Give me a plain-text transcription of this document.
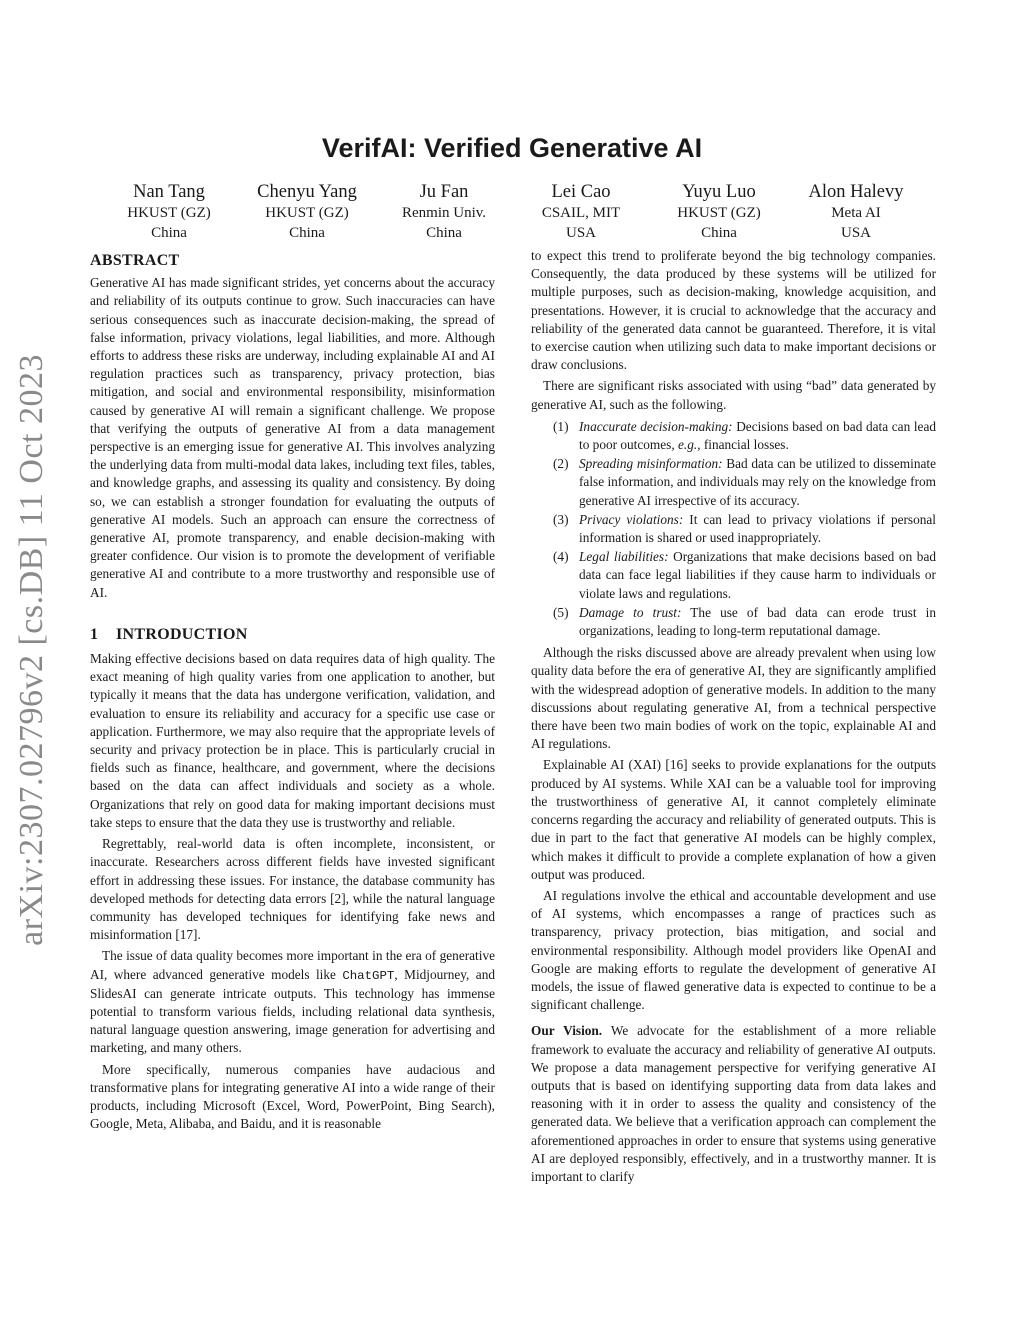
arXiv:2307.02796v2 [cs.DB] 11 Oct 2023
VerifAI: Verified Generative AI
Nan Tang
HKUST (GZ)
China
Chenyu Yang
HKUST (GZ)
China
Ju Fan
Renmin Univ.
China
Lei Cao
CSAIL, MIT
USA
Yuyu Luo
HKUST (GZ)
China
Alon Halevy
Meta AI
USA
ABSTRACT

Generative AI has made significant strides, yet concerns about the accuracy and reliability of its outputs continue to grow. Such inaccuracies can have serious consequences such as inaccurate decision-making, the spread of false information, privacy violations, legal liabilities, and more. Although efforts to address these risks are underway, including explainable AI and AI regulation practices such as transparency, privacy protection, bias mitigation, and social and environmental responsibility, misinformation caused by generative AI will remain a significant challenge. We propose that verifying the outputs of generative AI from a data management perspective is an emerging issue for generative AI. This involves analyzing the underlying data from multi-modal data lakes, including text files, tables, and knowledge graphs, and assessing its quality and consistency. By doing so, we can establish a stronger foundation for evaluating the outputs of generative AI models. Such an approach can ensure the correctness of generative AI, promote transparency, and enable decision-making with greater confidence. Our vision is to promote the development of verifiable generative AI and contribute to a more trustworthy and responsible use of AI.

1 INTRODUCTION

Making effective decisions based on data requires data of high quality. The exact meaning of high quality varies from one application to another, but typically it means that the data has undergone verification, validation, and evaluation to ensure its reliability and accuracy for a specific use case or application. Furthermore, we may also require that the appropriate levels of security and privacy protection be in place. This is particularly crucial in fields such as finance, healthcare, and government, where the decisions based on the data can affect individuals and society as a whole. Organizations that rely on good data for making important decisions must take steps to ensure that the data they use is trustworthy and reliable.

Regrettably, real-world data is often incomplete, inconsistent, or inaccurate. Researchers across different fields have invested significant effort in addressing these issues. For instance, the database community has developed methods for detecting data errors [2], while the natural language community has developed techniques for identifying fake news and misinformation [17].

The issue of data quality becomes more important in the era of generative AI, where advanced generative models like ChatGPT, Midjourney, and SlidesAI can generate intricate outputs. This technology has immense potential to transform various fields, including relational data synthesis, natural language question answering, image generation for advertising and marketing, and many others.

More specifically, numerous companies have audacious and transformative plans for integrating generative AI into a wide range of their products, including Microsoft (Excel, Word, PowerPoint, Bing Search), Google, Meta, Alibaba, and Baidu, and it is reasonable

to expect this trend to proliferate beyond the big technology companies. Consequently, the data produced by these systems will be utilized for multiple purposes, such as decision-making, knowledge acquisition, and presentations. However, it is crucial to acknowledge that the accuracy and reliability of the generated data cannot be guaranteed. Therefore, it is vital to exercise caution when utilizing such data to make important decisions or draw conclusions.

There are significant risks associated with using “bad” data generated by generative AI, such as the following.

(1) Inaccurate decision-making: Decisions based on bad data can lead to poor outcomes, e.g., financial losses.
(2) Spreading misinformation: Bad data can be utilized to disseminate false information, and individuals may rely on the knowledge from generative AI irrespective of its accuracy.
(3) Privacy violations: It can lead to privacy violations if personal information is shared or used inappropriately.
(4) Legal liabilities: Organizations that make decisions based on bad data can face legal liabilities if they cause harm to individuals or violate laws and regulations.
(5) Damage to trust: The use of bad data can erode trust in organizations, leading to long-term reputational damage.

Although the risks discussed above are already prevalent when using low quality data before the era of generative AI, they are significantly amplified with the widespread adoption of generative models. In addition to the many discussions about regulating generative AI, from a technical perspective there have been two main bodies of work on the topic, explainable AI and AI regulations.

Explainable AI (XAI) [16] seeks to provide explanations for the outputs produced by AI systems. While XAI can be a valuable tool for improving the trustworthiness of generative AI, it cannot completely eliminate concerns regarding the accuracy and reliability of generated outputs. This is due in part to the fact that generative AI models can be highly complex, which makes it difficult to provide a complete explanation of how a given output was produced.

AI regulations involve the ethical and accountable development and use of AI systems, which encompasses a range of practices such as transparency, privacy protection, bias mitigation, and social and environmental responsibility. Although model providers like OpenAI and Google are making efforts to regulate the development of generative AI models, the issue of flawed generative data is expected to continue to be a significant challenge.

Our Vision. We advocate for the establishment of a more reliable framework to evaluate the accuracy and reliability of generative AI outputs. We propose a data management perspective for verifying generative AI outputs that is based on identifying supporting data from data lakes and reasoning with it in order to assess the quality and consistency of the generated data. We believe that a verification approach can complement the aforementioned approaches in order to ensure that systems using generative AI are deployed responsibly, effectively, and in a trustworthy manner. It is important to clarify
